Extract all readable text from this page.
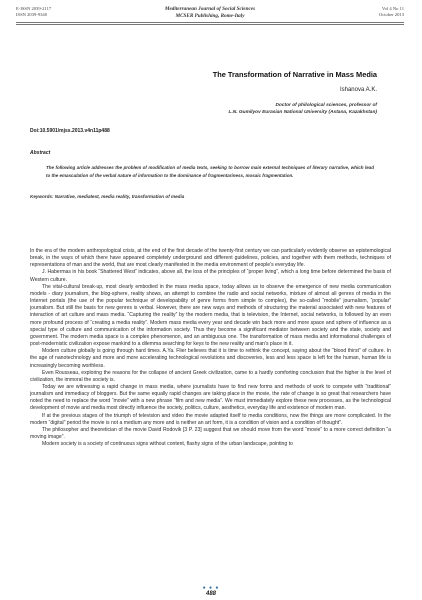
E-ISSN 2039-2117
ISSN 2039-9340
Mediterranean Journal of Social Sciences
MCSER Publishing, Rome-Italy
Vol 4 No 11
October 2013
The Transformation of Narrative in Mass Media
Ishanova A.K.
Doctor of philological sciences, professor of
L.N. Gumilyov Eurasian National University (Astana, Kazakhstan)
Doi:10.5901/mjss.2013.v4n11p488
Abstract
The following article addresses the problem of modification of media texts, seeking to borrow main external techniques of literary narrative, which lead to the emasculation of the verbal nature of information to the dominance of fragmentariness, mosaic fragmentation.
Keywords: Narrative, mediatext, media reality, transformation of media

In the era of the modern anthropological crisis, at the end of the first decade of the twenty-first century we can particularly evidently observe an epistemological break, in the ways of which there have appeared completely underground and different guidelines, policies, and together with them methods, techniques of representations of man and the world, that are most clearly manifested in the media environment of people's everyday life.

J. Habermas in his book “Shattered West” indicates, above all, the loss of the principles of “proper living”, which a long time before determined the basis of Western culture.

The vital-cultural break-up, most clearly embodied in the mass media space, today allows us to observe the emergence of new media communication models - diary journalism, the blog-sphere, reality shows, an attempt to combine the radio and social networks, mixture of almost all genres of media in the Internet portals (the use of the popular technique of developability of genre forms from simple to complex), the so-called “mobile” journalism, “popular” journalism. But still the basis for new genres is verbal. However, there are new ways and methods of structuring the material associated with new features of interaction of art culture and mass media. “Capturing the reality” by the modern media, that is television, the Internet, social networks, is followed by an even more profound process of “creating a media reality”. Modern mass media every year and decade win back more and more space and sphere of influence as a special type of culture and communication of the information society. Thus they become a significant mediator between society and the state, society and government. The modern media space is a complex phenomenon, and an ambiguous one. The transformation of mass media and informational challenges of post-modernistic civilization expose mankind to a dilemma searching for keys to the new reality and man's place in it.

Modern culture globally is going through hard times. A.Ya. Flier believes that it is time to rethink the concept, saying about the “blood thirst” of culture. In the age of nanotechnology and more and more accelerating technological revolutions and discoveries, less and less space is left for the human, human life is increasingly becoming worthless.

Even Rousseau, exploring the reasons for the collapse of ancient Greek civilization, came to a hardly comforting conclusion that the higher is the level of civilization, the immoral the society is.

Today we are witnessing a rapid change in mass media, where journalists have to find new forms and methods of work to compete with “traditional” journalism and immediacy of bloggers. But the same equally rapid changes are taking place in the movie, the rate of change is so great that researchers have noted the need to replace the word “movie” with a new phrase “film and new media”. We must immediately explore these new processes, as the technological development of movie and media most directly influence the society, politics, culture, aesthetics, everyday life and existence of modern man.

If at the previous stages of the triumph of television and video the movie adapted itself to media conditions, now the things are more complicated. In the modern “digital” period the movie is not a medium any more and is neither an art form, it is a condition of vision and a condition of thought”.

The philosopher and theoretician of the movie David Rodovik [3 P. 23] suggest that we should move from the word “movie” to a more correct definition “a moving image”.

Modern society is a society of continuous signs without content, flashy signs of the urban landscape, pointing to

● ● ●
488
